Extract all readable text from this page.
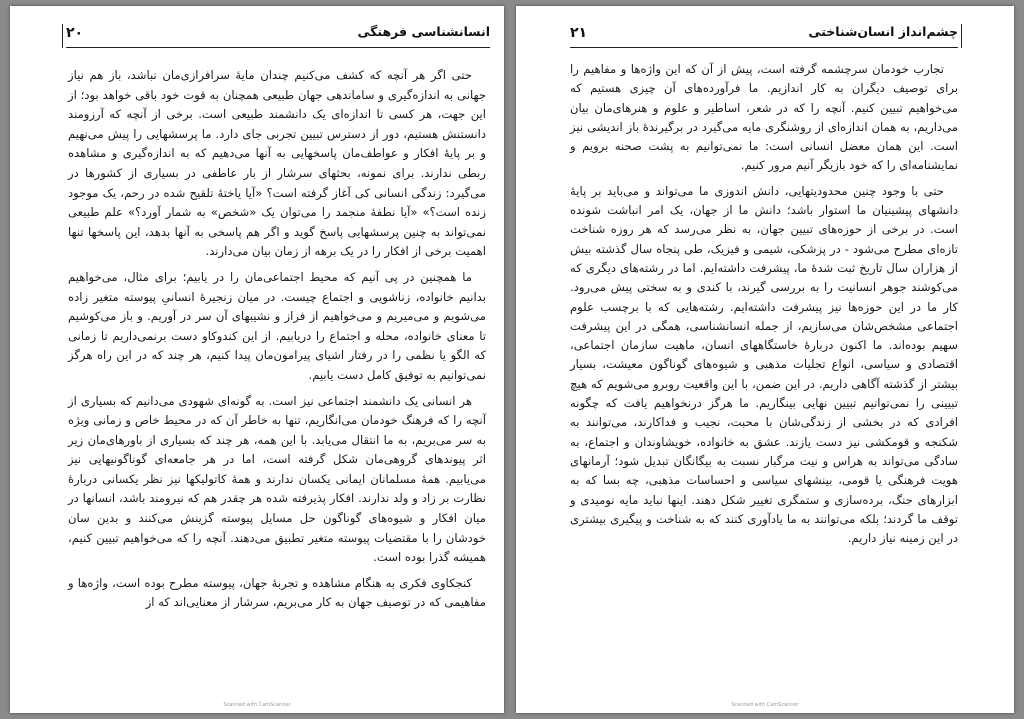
۲۰	انسانشناسی فرهنگی

حتی اگر هر آنچه که کشف می‌کنیم چندان مایهٔ سرافرازی‌مان نباشد، باز هم نیاز جهانی به اندازه‌گیری و ساماندهی جهان طبیعی همچنان به قوت خود باقی خواهد بود؛ از این جهت، هر کسی تا اندازه‌ای یک دانشمند طبیعی است. برخی از آنچه که آرزومند دانستنش هستیم، دور از دسترس تبیین تجربی جای دارد. ما پرسشهایی را پیش می‌نهیم و بر پایهٔ افکار و عواطف‌مان پاسخهایی به آنها می‌دهیم که به اندازه‌گیری و مشاهده ربطی ندارند. برای نمونه، بحثهای سرشار از بار عاطفی در بسیاری از کشورها در می‌گیرد: زندگی انسانی کی آغاز گرفته است؟ «آیا یاختهٔ تلقیح شده در رحم، یک موجود زنده است؟» «آیا نطفهٔ منجمد را می‌توان یک «شخص» به شمار آورد؟» علم طبیعی نمی‌تواند به چنین پرسشهایی پاسخ گوید و اگر هم پاسخی به آنها بدهد، این پاسخها تنها اهمیت برخی از افکار را در یک برهه از زمان بیان می‌دارند.

ما همچنین در پی آنیم که محیط اجتماعی‌مان را در یابیم؛ برای مثال، می‌خواهیم بدانیم خانواده، زناشویی و اجتماع چیست. در میان زنجیرهٔ انسانیِ پیوسته متغیر زاده می‌شویم و می‌میریم و می‌خواهیم از فراز و نشیبهای آن سر در آوریم. و باز می‌کوشیم تا معنای خانواده، محله و اجتماع را دریابیم. از این کندوکاو دست برنمی‌داریم تا زمانی که الگو یا نظمی را در رفتار اشیای پیرامون‌مان پیدا کنیم، هر چند که در این راه هرگز نمی‌توانیم به توفیق کامل دست یابیم.

هر انسانی یک دانشمند اجتماعی نیز است. به گونه‌ای شهودی می‌دانیم که بسیاری از آنچه را که فرهنگ خودمان می‌انگاریم، تنها به خاطر آن که در محیط خاص و زمانی ویژه به سر می‌بریم، به ما انتقال می‌یابد. با این همه، هر چند که بسیاری از باورهای‌مان زیر اثر پیوندهای گروهی‌مان شکل گرفته است، اما در هر جامعه‌ای گوناگونیهایی نیز می‌یابیم. همهٔ مسلمانان ایمانی یکسان ندارند و همهٔ کاتولیکها نیز نظر یکسانی دربارهٔ نظارت بر زاد و ولد ندارند. افکار پذیرفته شده هر چقدر هم که نیرومند باشد، انسانها در میان افکار و شیوه‌های گوناگون حل مسایل پیوسته گزینش می‌کنند و بدین سان خودشان را با مقتضیات پیوسته متغیر تطبیق می‌دهند. آنچه را که می‌خواهیم تبیین کنیم، همیشه گذرا بوده است.

کنجکاوی فکری به هنگام مشاهده و تجربهٔ جهان، پیوسته مطرح بوده است، واژه‌ها و مفاهیمی که در توصیف جهان به کار می‌بریم، سرشار از معنایی‌اند که از

Scanned with CamScanner
۲۱	چشم‌انداز انسان‌شناختی

تجارب خودمان سرچشمه گرفته است، پیش از آن که این واژه‌ها و مفاهیم را برای توصیف دیگران به کار اندازیم. ما فرآورده‌های آن چیزی هستیم که می‌خواهیم تبیین کنیم. آنچه را که در شعر، اساطیر و علوم و هنرهای‌مان بیان می‌داریم، به همان اندازه‌ای از روشنگری مایه می‌گیرد در برگیرندهٔ باز اندیشی نیز است. این همان معضل انسانی است: ما نمی‌توانیم به پشت صحنه برویم و نمایشنامه‌ای را که خود بازیگر آنیم مرور کنیم.

حتی با وجود چنین محدودیتهایی، دانش اندوزی ما می‌تواند و می‌باید بر پایهٔ دانشهای پیشینیان ما استوار باشد؛ دانش ما از جهان، یک امر انباشت شونده است. در برخی از حوزه‌های تبیین جهان، به نظر می‌رسد که هر روزه شناخت تازه‌ای مطرح می‌شود - در پزشکی، شیمی و فیزیک، طی پنجاه سال گذشته بیش از هزاران سال تاریخ ثبت شدهٔ ما، پیشرفت داشته‌ایم. اما در رشته‌های دیگری که می‌کوشند جوهر انسانیت را به بررسی گیرند، با کندی و به سختی پیش می‌رود. کار ما در این حوزه‌ها نیز پیشرفت داشته‌ایم. رشته‌هایی که با برچسب علوم اجتماعی مشخص‌شان می‌سازیم، از جمله انسانشناسی، همگی در این پیشرفت سهیم بوده‌اند. ما اکنون دربارهٔ خاستگاههای انسان، ماهیت سازمان اجتماعی، اقتصادی و سیاسی، انواع تجلیات مذهبی و شیوه‌های گوناگون معیشت، بسیار بیشتر از گذشته آگاهی داریم. در این ضمن، با این واقعیت روبرو می‌شویم که هیچ تبیینی را نمی‌توانیم تبیین نهایی بینگاریم. ما هرگز درنخواهیم یافت که چگونه افرادی که در بخشی از زندگی‌شان با محبت، نجیب و فداکارند، می‌توانند به شکنجه و قومکشی نیز دست یازند. عشق به خانواده، خویشاوندان و اجتماع، به سادگی می‌تواند به هراس و نیت مرگبار نسبت به بیگانگان تبدیل شود؛ آرمانهای هویت فرهنگی یا قومی، بینشهای سیاسی و احساسات مذهبی، چه بسا که به ابزارهای جنگ، برده‌سازی و ستمگری تغییر شکل دهند. اینها نباید مایه نومیدی و توقف ما گردند؛ بلکه می‌توانند به ما یادآوری کنند که به شناخت و پیگیری بیشتری در این زمینه نیاز داریم.

Scanned with CamScanner
